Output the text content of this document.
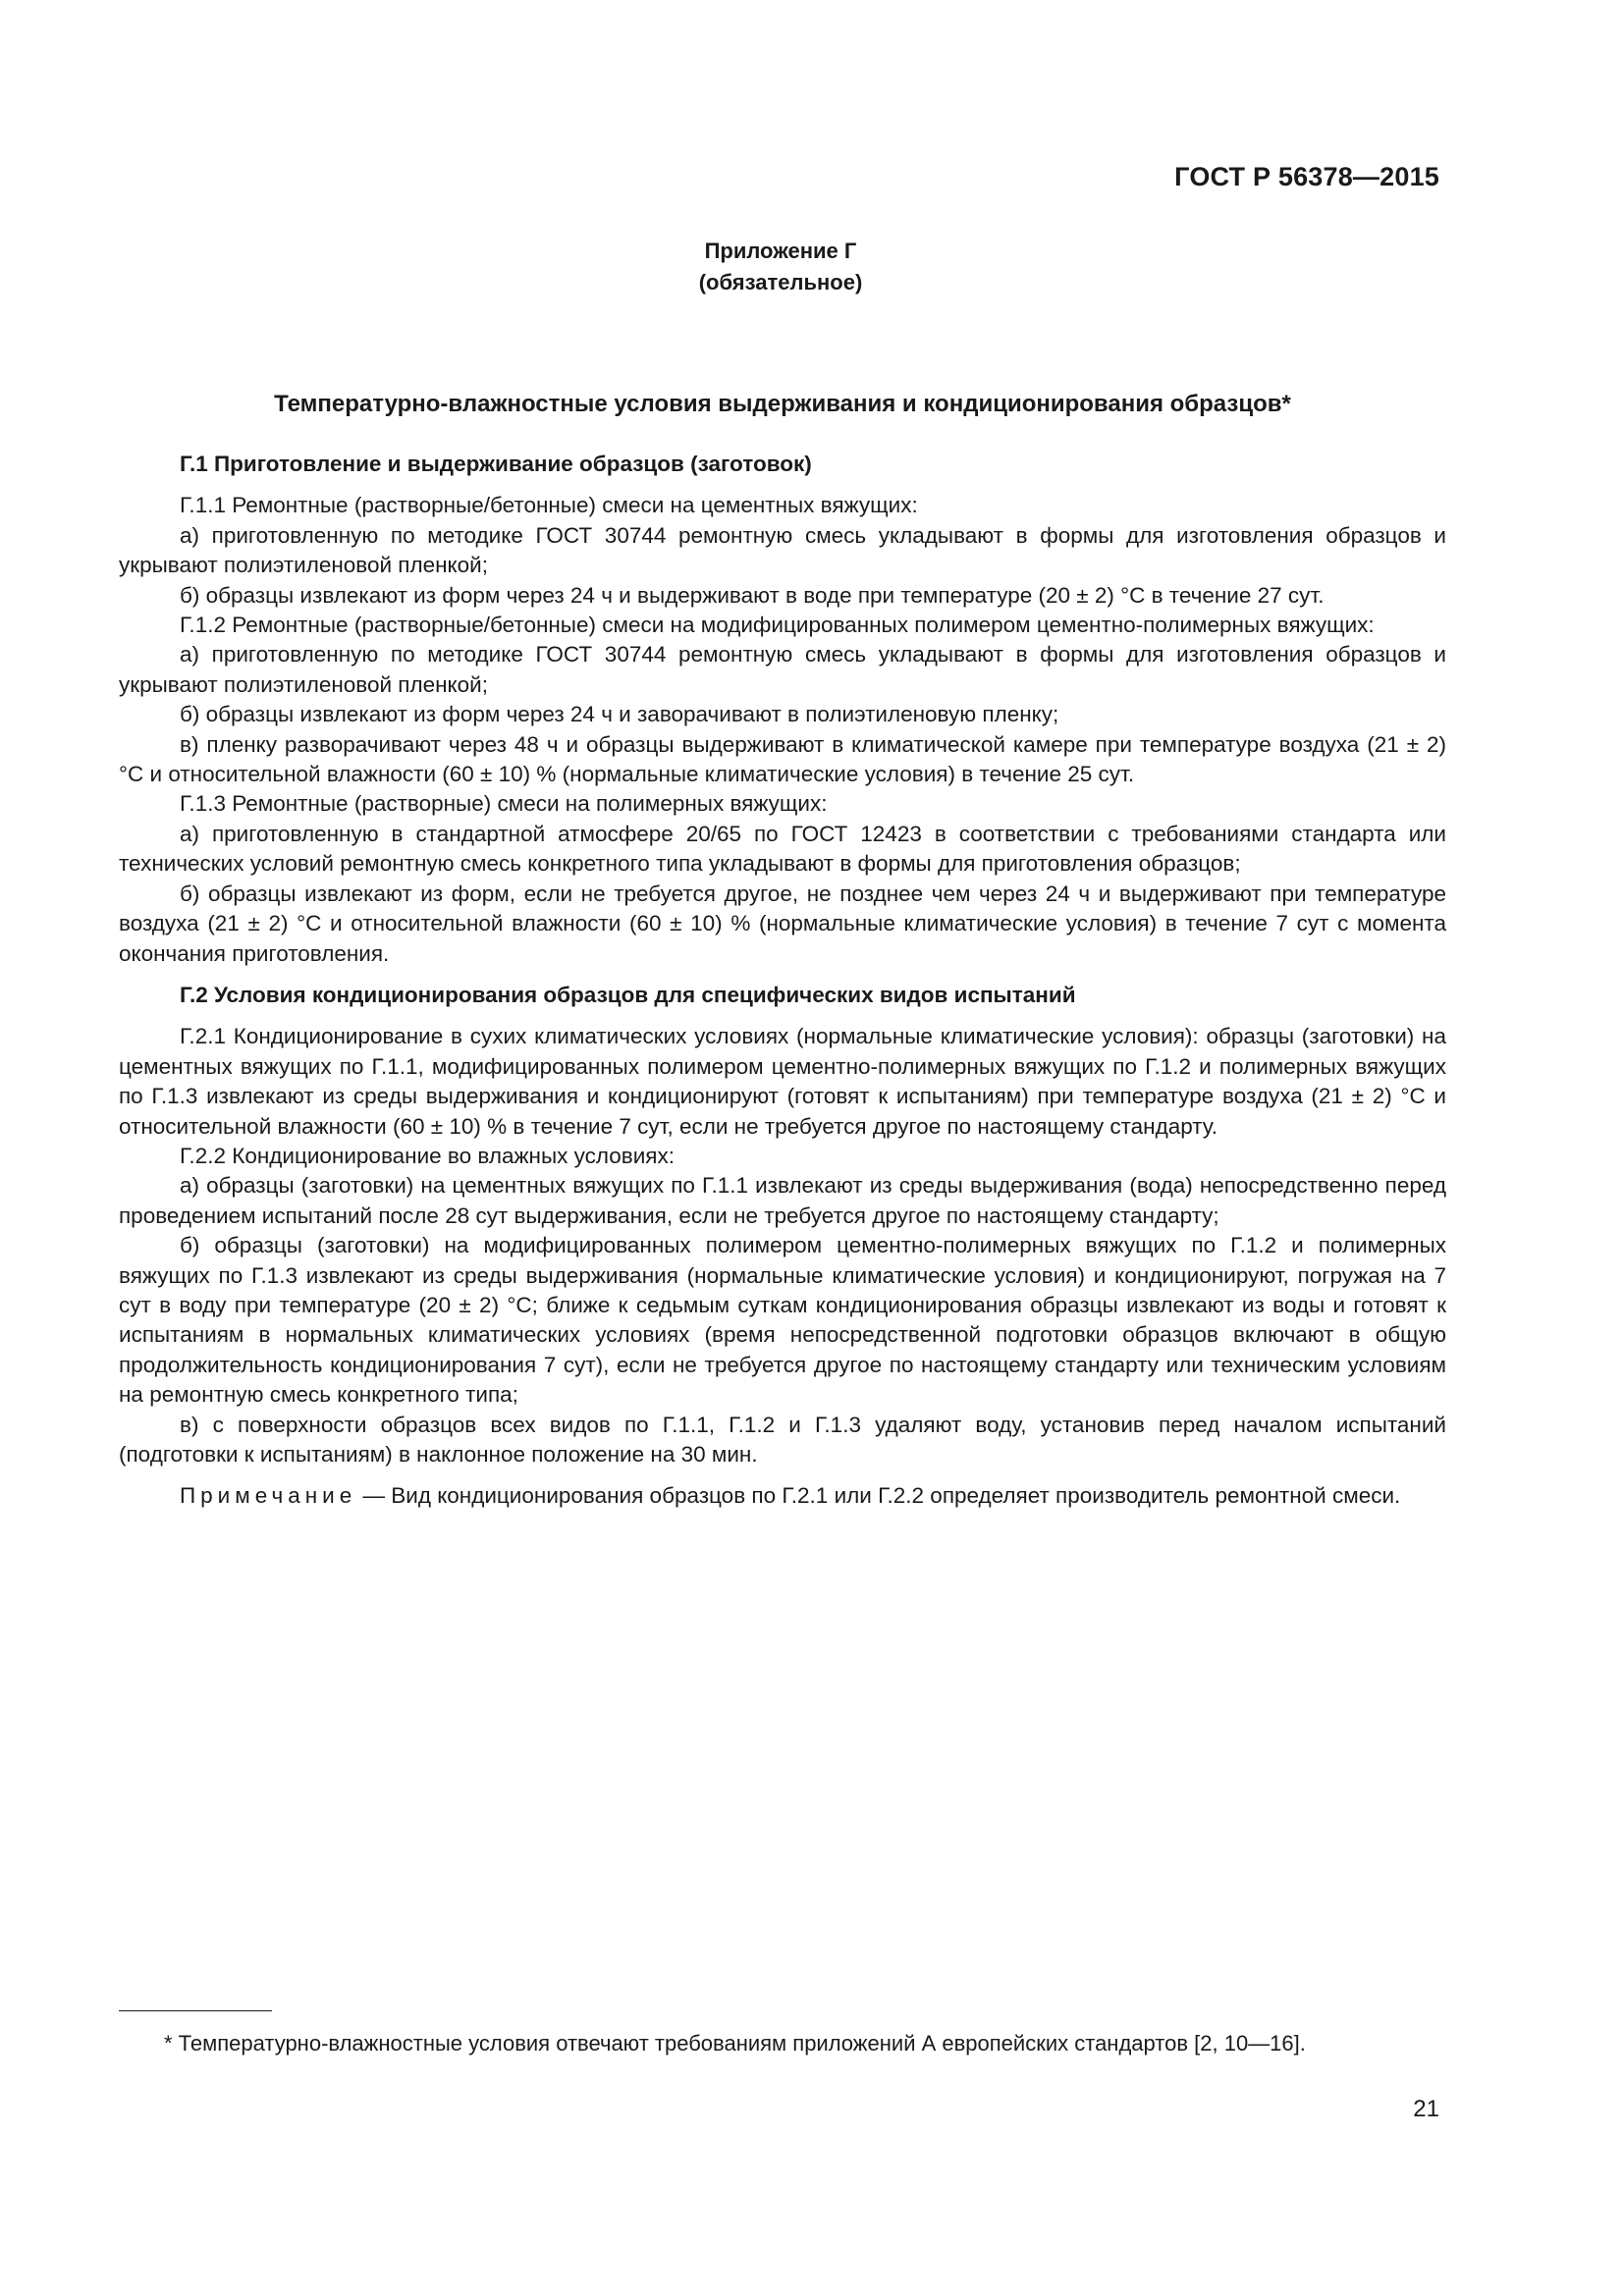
ГОСТ Р 56378—2015
Приложение Г
(обязательное)
Температурно-влажностные условия выдерживания и кондиционирования образцов*
Г.1 Приготовление и выдерживание образцов (заготовок)

Г.1.1 Ремонтные (растворные/бетонные) смеси на цементных вяжущих:

а) приготовленную по методике ГОСТ 30744 ремонтную смесь укладывают в формы для изготовления образцов и укрывают полиэтиленовой пленкой;

б) образцы извлекают из форм через 24 ч и выдерживают в воде при температуре (20 ± 2) °С в течение 27 сут.

Г.1.2 Ремонтные (растворные/бетонные) смеси на модифицированных полимером цементно-полимерных вяжущих:

а) приготовленную по методике ГОСТ 30744 ремонтную смесь укладывают в формы для изготовления образцов и укрывают полиэтиленовой пленкой;

б) образцы извлекают из форм через 24 ч и заворачивают в полиэтиленовую пленку;

в) пленку разворачивают через 48 ч и образцы выдерживают в климатической камере при температуре воздуха (21 ± 2) °С и относительной влажности (60 ± 10) % (нормальные климатические условия) в течение 25 сут.

Г.1.3 Ремонтные (растворные) смеси на полимерных вяжущих:

а) приготовленную в стандартной атмосфере 20/65 по ГОСТ 12423 в соответствии с требованиями стандарта или технических условий ремонтную смесь конкретного типа укладывают в формы для приготовления образцов;

б) образцы извлекают из форм, если не требуется другое, не позднее чем через 24 ч и выдерживают при температуре воздуха (21 ± 2) °С и относительной влажности (60 ± 10) % (нормальные климатические условия) в течение 7 сут с момента окончания приготовления.

Г.2 Условия кондиционирования образцов для специфических видов испытаний

Г.2.1 Кондиционирование в сухих климатических условиях (нормальные климатические условия): образцы (заготовки) на цементных вяжущих по Г.1.1, модифицированных полимером цементно-полимерных вяжущих по Г.1.2 и полимерных вяжущих по Г.1.3 извлекают из среды выдерживания и кондиционируют (готовят к испытаниям) при температуре воздуха (21 ± 2) °С и относительной влажности (60 ± 10) % в течение 7 сут, если не требуется другое по настоящему стандарту.

Г.2.2 Кондиционирование во влажных условиях:

а) образцы (заготовки) на цементных вяжущих по Г.1.1 извлекают из среды выдерживания (вода) непосредственно перед проведением испытаний после 28 сут выдерживания, если не требуется другое по настоящему стандарту;

б) образцы (заготовки) на модифицированных полимером цементно-полимерных вяжущих по Г.1.2 и полимерных вяжущих по Г.1.3 извлекают из среды выдерживания (нормальные климатические условия) и кондиционируют, погружая на 7 сут в воду при температуре (20 ± 2) °С; ближе к седьмым суткам кондиционирования образцы извлекают из воды и готовят к испытаниям в нормальных климатических условиях (время непосредственной подготовки образцов включают в общую продолжительность кондиционирования 7 сут), если не требуется другое по настоящему стандарту или техническим условиям на ремонтную смесь конкретного типа;

в) с поверхности образцов всех видов по Г.1.1, Г.1.2 и Г.1.3 удаляют воду, установив перед началом испытаний (подготовки к испытаниям) в наклонное положение на 30 мин.

Примечание — Вид кондиционирования образцов по Г.2.1 или Г.2.2 определяет производитель ремонтной смеси.

* Температурно-влажностные условия отвечают требованиям приложений А европейских стандартов [2, 10—16].

21
